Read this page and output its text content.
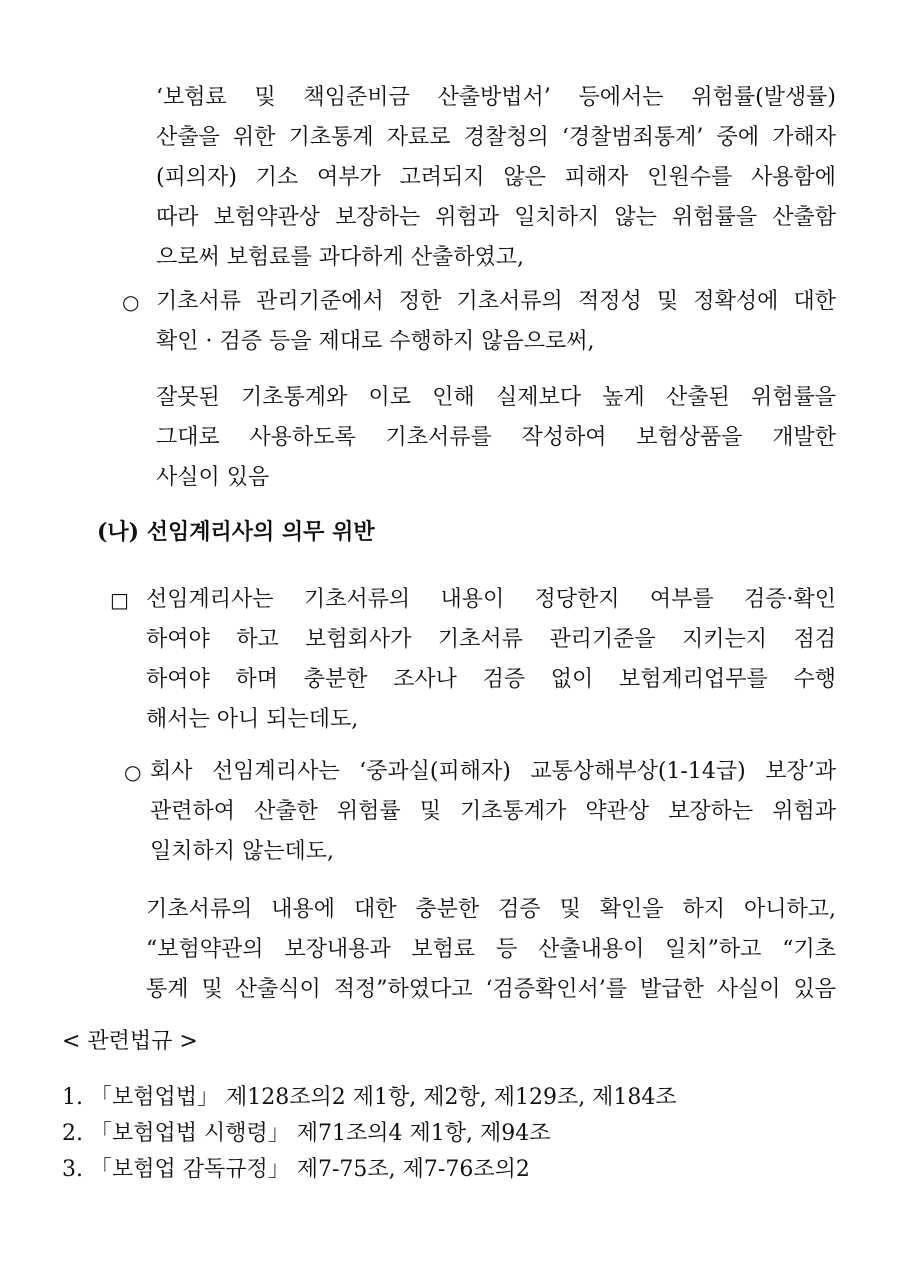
‘보험료 및 책임준비금 산출방법서’ 등에서는 위험률(발생률)
산출을 위한 기초통계 자료로 경찰청의 ‘경찰범죄통계’ 중에 가해자
(피의자) 기소 여부가 고려되지 않은 피해자 인원수를 사용함에
따라 보험약관상 보장하는 위험과 일치하지 않는 위험률을 산출함
으로써 보험료를 과다하게 산출하였고,
○ 기초서류 관리기준에서 정한 기초서류의 적정성 및 정확성에 대한
확인 · 검증 등을 제대로 수행하지 않음으로써,
잘못된 기초통계와 이로 인해 실제보다 높게 산출된 위험률을
그대로 사용하도록 기초서류를 작성하여 보험상품을 개발한
사실이 있음
(나) 선임계리사의 의무 위반
□ 선임계리사는 기초서류의 내용이 정당한지 여부를 검증·확인
하여야 하고 보험회사가 기초서류 관리기준을 지키는지 점검
하여야 하며 충분한 조사나 검증 없이 보험계리업무를 수행
해서는 아니 되는데도,
○ 회사 선임계리사는 ‘중과실(피해자) 교통상해부상(1-14급) 보장’과
관련하여 산출한 위험률 및 기초통계가 약관상 보장하는 위험과
일치하지 않는데도,
기초서류의 내용에 대한 충분한 검증 및 확인을 하지 아니하고,
“보험약관의 보장내용과 보험료 등 산출내용이 일치”하고 “기초
통계 및 산출식이 적정”하였다고 ‘검증확인서’를 발급한 사실이 있음
< 관련법규 >
1. 「보험업법」 제128조의2 제1항, 제2항, 제129조, 제184조
2. 「보험업법 시행령」 제71조의4 제1항, 제94조
3. 「보험업 감독규정」 제7-75조, 제7-76조의2
